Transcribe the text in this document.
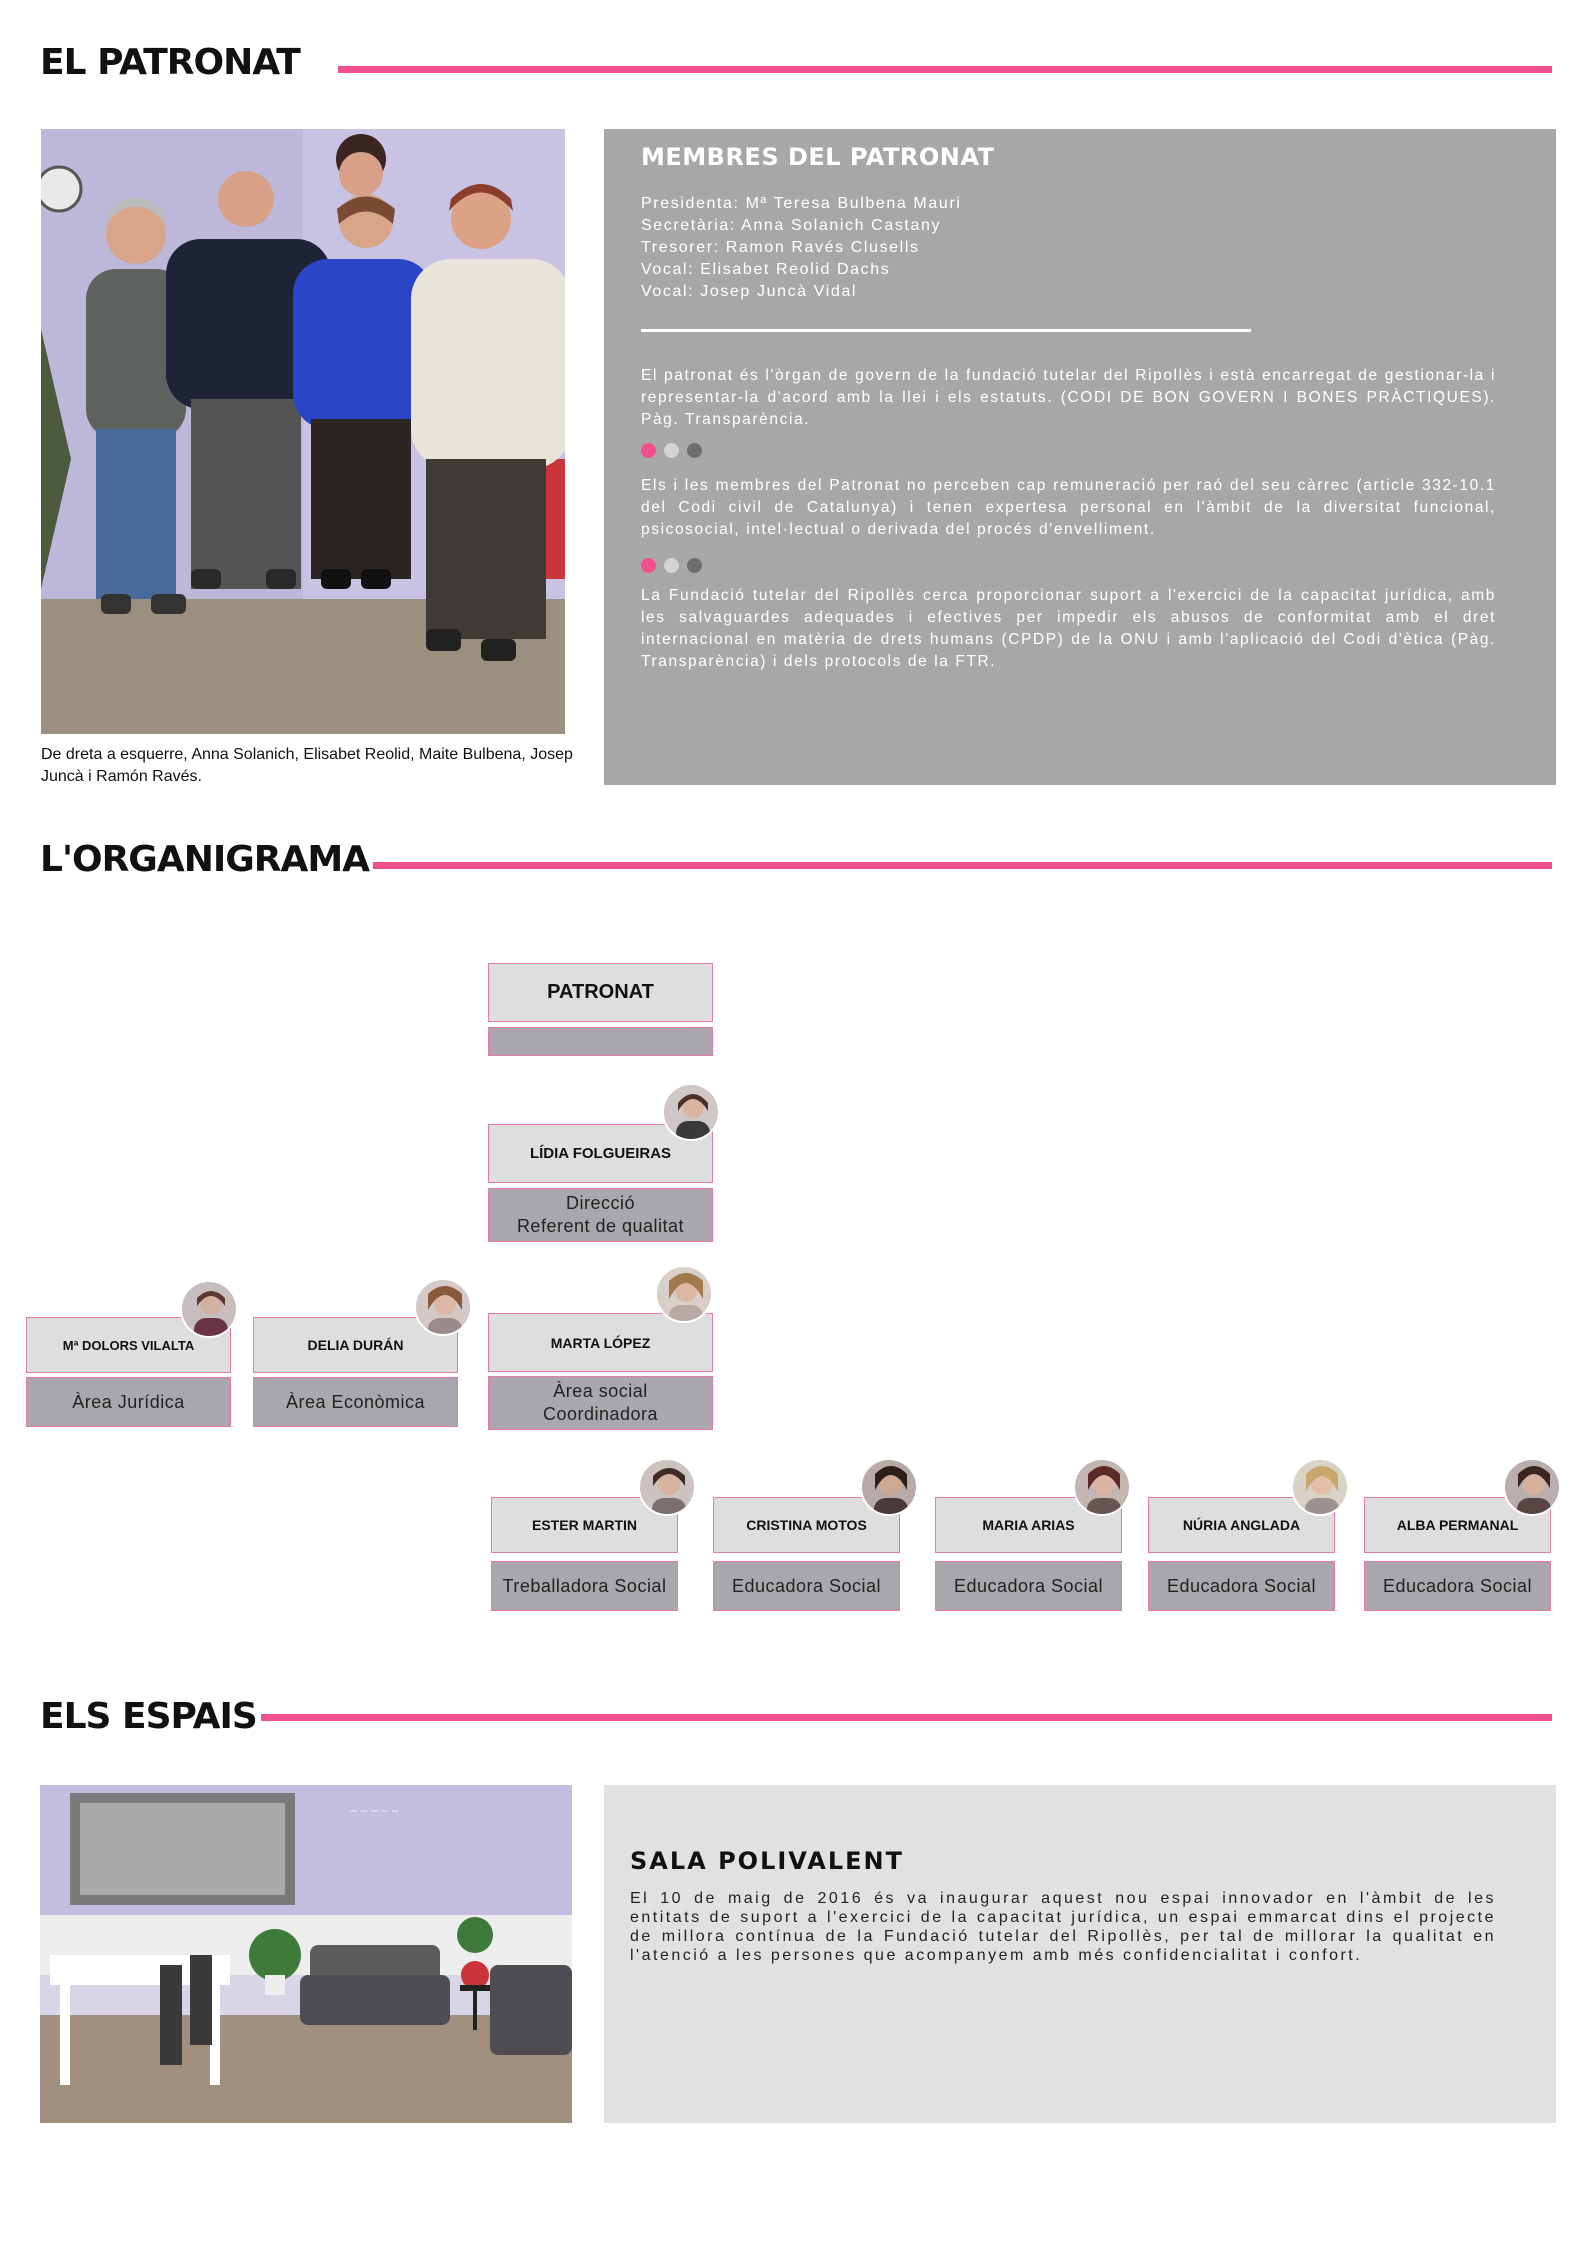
EL PATRONAT
De dreta a esquerre, Anna Solanich, Elisabet Reolid, Maite Bulbena, Josep Juncà i Ramón Ravés.
MEMBRES DEL PATRONAT
Presidenta: Mª Teresa Bulbena Mauri
Secretària: Anna Solanich Castany
Tresorer: Ramon Ravés Clusells
Vocal: Elisabet Reolid Dachs
Vocal: Josep Juncà Vidal
El patronat és l'òrgan de govern de la fundació tutelar del Ripollès i està encarregat de gestionar-la i representar-la d'acord amb la llei i els estatuts. (CODI DE BON GOVERN I BONES PRÀCTIQUES). Pàg. Transparència.
Els i les membres del Patronat no perceben cap remuneració per raó del seu càrrec (article 332-10.1 del Codi civil de Catalunya) i tenen expertesa personal en l'àmbit de la diversitat funcional, psicosocial, intel·lectual o derivada del procés d'envelliment.
La Fundació tutelar del Ripollès cerca proporcionar suport a l'exercici de la capacitat jurídica, amb les salvaguardes adequades i efectives per impedir els abusos de conformitat amb el dret internacional en matèria de drets humans (CPDP) de la ONU i amb l'aplicació del Codi d'ètica (Pàg. Transparència) i dels protocols de la FTR.
L'ORGANIGRAMA
PATRONAT
LÍDIA FOLGUEIRAS
Direcció
Referent de qualitat
Mª DOLORS VILALTA
Àrea Jurídica
DELIA DURÁN
Àrea Econòmica
MARTA LÓPEZ
Àrea social
Coordinadora
ESTER MARTIN
Treballadora Social
CRISTINA MOTOS
Educadora Social
MARIA ARIAS
Educadora Social
NÚRIA ANGLADA
Educadora Social
ALBA PERMANAL
Educadora Social
ELS ESPAIS
~ ~ ~ ~ ~
SALA POLIVALENT
El 10 de maig de 2016 és va inaugurar aquest nou espai innovador en l'àmbit de les entitats de suport a l'exercici de la capacitat jurídica, un espai emmarcat dins el projecte de millora contínua de la Fundació tutelar del Ripollès, per tal de millorar la qualitat en l'atenció a les persones que acompanyem amb més confidencialitat i confort.
